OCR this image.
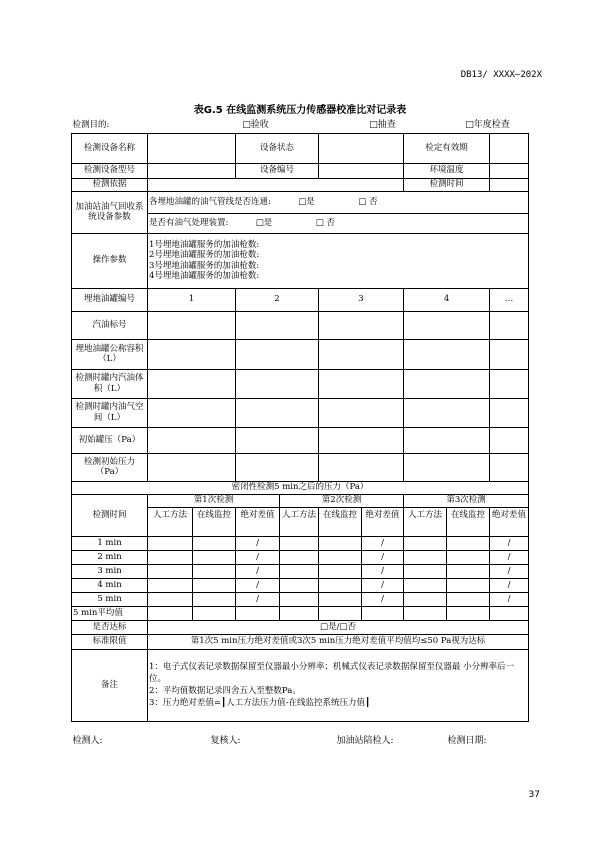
DB13/ XXXX—202X
表G.5 在线监测系统压力传感器校准比对记录表
检测目的:		□验收			□抽查			□年度检查	
检测设备名称			设备状态				检定有效期		
检测设备型号			设备编号				环境温度		
检测依据							检测时间		
加油站油气回收系统设备参数	各埋地油罐的油气管线是否连通: □是 □ 否								
	是否有油气处理装置: □是 □ 否								
操作参数	1号埋地油罐服务的加油枪数:
2号埋地油罐服务的加油枪数:
3号埋地油罐服务的加油枪数:
4号埋地油罐服务的加油枪数:								

埋地油罐编号	1		2		3		4		…
汽油标号									
埋地油罐公称容积（L）									
检测时罐内汽油体积（L）									
检测时罐内油气空间（L）									
初始罐压（Pa）									
检测初始压力（Pa）									
密闭性检测5 min之后的压力（Pa）									
检测时间	第1次检测			第2次检测			第3次检测		
	人工方法	在线监控	绝对差值	人工方法	在线监控	绝对差值	人工方法	在线监控	绝对差值

1 min			/			/			/
2 min			/			/			/
3 min			/			/			/
4 min			/			/			/
5 min			/			/			/
5 min平均值									
是否达标	□是/□否								
标准限值	第1次5 min压力绝对差值或3次5 min压力绝对差值平均值均≤50 Pa视为达标								
备注	1：电子式仪表记录数据保留至仪器最小分辨率；机械式仪表记录数据保留至仪器最 小分辨率后一位。
2：平均值数据记录四舍五入至整数Pa。
3：压力绝对差值=┃人工方法压力值-在线监控系统压力值┃								

检测人:		复核人:			加油站陪检人:			检测日期:	
37
